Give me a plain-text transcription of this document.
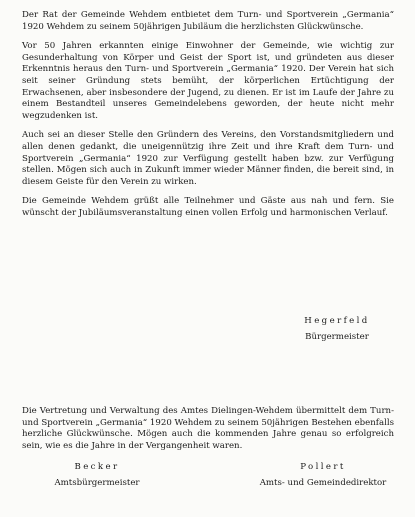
Der Rat der Gemeinde Wehdem entbietet dem Turn- und Sportverein „Germania“ 1920 Wehdem zu seinem 50jährigen Jubiläum die herzlichsten Glückwünsche.

Vor 50 Jahren erkannten einige Einwohner der Gemeinde, wie wichtig zur Gesunderhaltung von Körper und Geist der Sport ist, und gründeten aus dieser Erkenntnis heraus den Turn- und Sportverein „Germania“ 1920. Der Verein hat sich seit seiner Gründung stets bemüht, der körperlichen Ertüchtigung der Erwachsenen, aber insbesondere der Jugend, zu dienen. Er ist im Laufe der Jahre zu einem Bestandteil unseres Gemeindelebens geworden, der heute nicht mehr wegzudenken ist.

Auch sei an dieser Stelle den Gründern des Vereins, den Vorstandsmitgliedern und allen denen gedankt, die uneigennützig ihre Zeit und ihre Kraft dem Turn- und Sportverein „Germania“ 1920 zur Verfügung gestellt haben bzw. zur Verfügung stellen. Mögen sich auch in Zukunft immer wieder Männer finden, die bereit sind, in diesem Geiste für den Verein zu wirken.

Die Gemeinde Wehdem grüßt alle Teilnehmer und Gäste aus nah und fern. Sie wünscht der Jubiläumsveranstaltung einen vollen Erfolg und harmonischen Verlauf.

Hegerfeld
Bürgermeister

Die Vertretung und Verwaltung des Amtes Dielingen-Wehdem übermittelt dem Turn- und Sportverein „Germania“ 1920 Wehdem zu seinem 50jährigen Bestehen ebenfalls herzliche Glückwünsche. Mögen auch die kommenden Jahre genau so erfolgreich sein, wie es die Jahre in der Vergangenheit waren.

Becker
Amtsbürgermeister
Pollert
Amts- und Gemeindedirektor
